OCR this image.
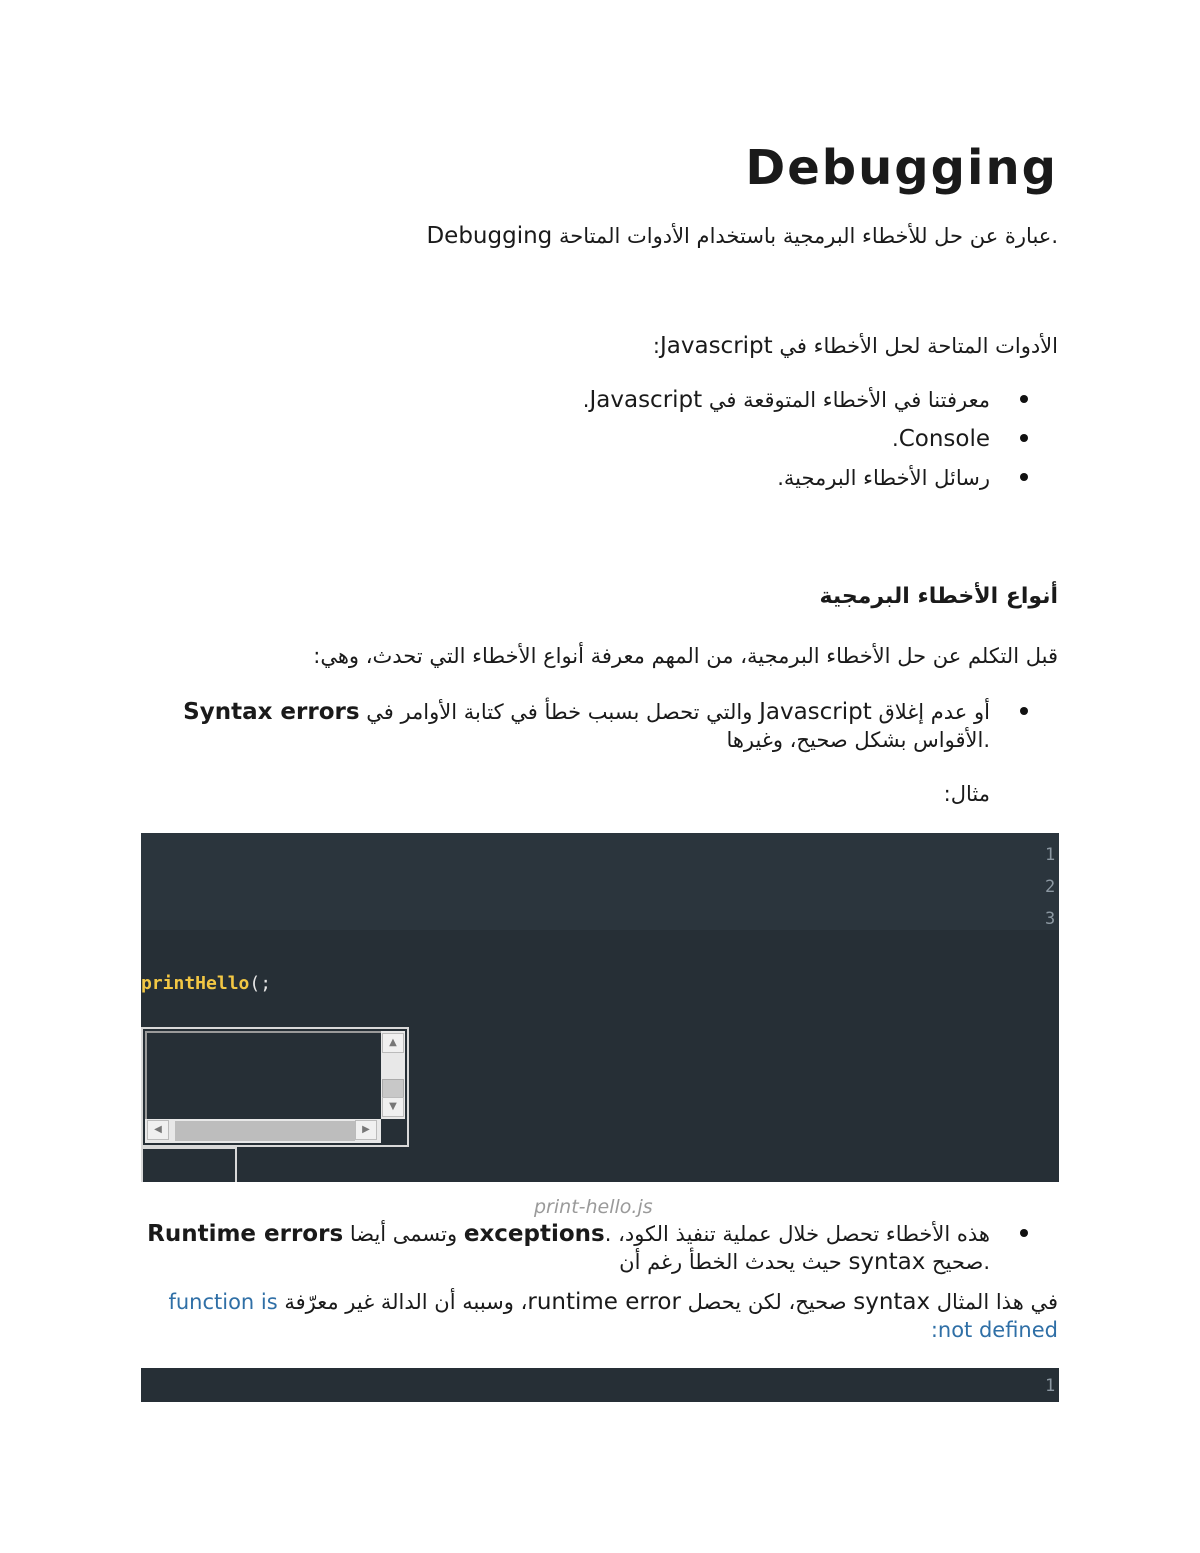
Debugging

Debugging عبارة عن حل للأخطاء البرمجية باستخدام الأدوات المتاحة.

الأدوات المتاحة لحل الأخطاء في Javascript:

معرفتنا في الأخطاء المتوقعة في Javascript.
Console.
رسائل الأخطاء البرمجية.
أنواع الأخطاء البرمجية

قبل التكلم عن حل الأخطاء البرمجية، من المهم معرفة أنواع الأخطاء التي تحدث، وهي:

Syntax errors والتي تحصل بسبب خطأ في كتابة الأوامر في Javascript أو عدم إغلاق الأقواس بشكل صحيح، وغيرها.

مثال:

1
2
3
printHello(;
▲
▼
◀	▶
print-hello.js
Runtime errors وتسمى أيضا exceptions. هذه الأخطاء تحصل خلال عملية تنفيذ الكود، حيث يحدث الخطأ رغم أن syntax صحيح.

في هذا المثال syntax صحيح، لكن يحصل runtime error، وسببه أن الدالة غير معرّفة function is not defined:

1
